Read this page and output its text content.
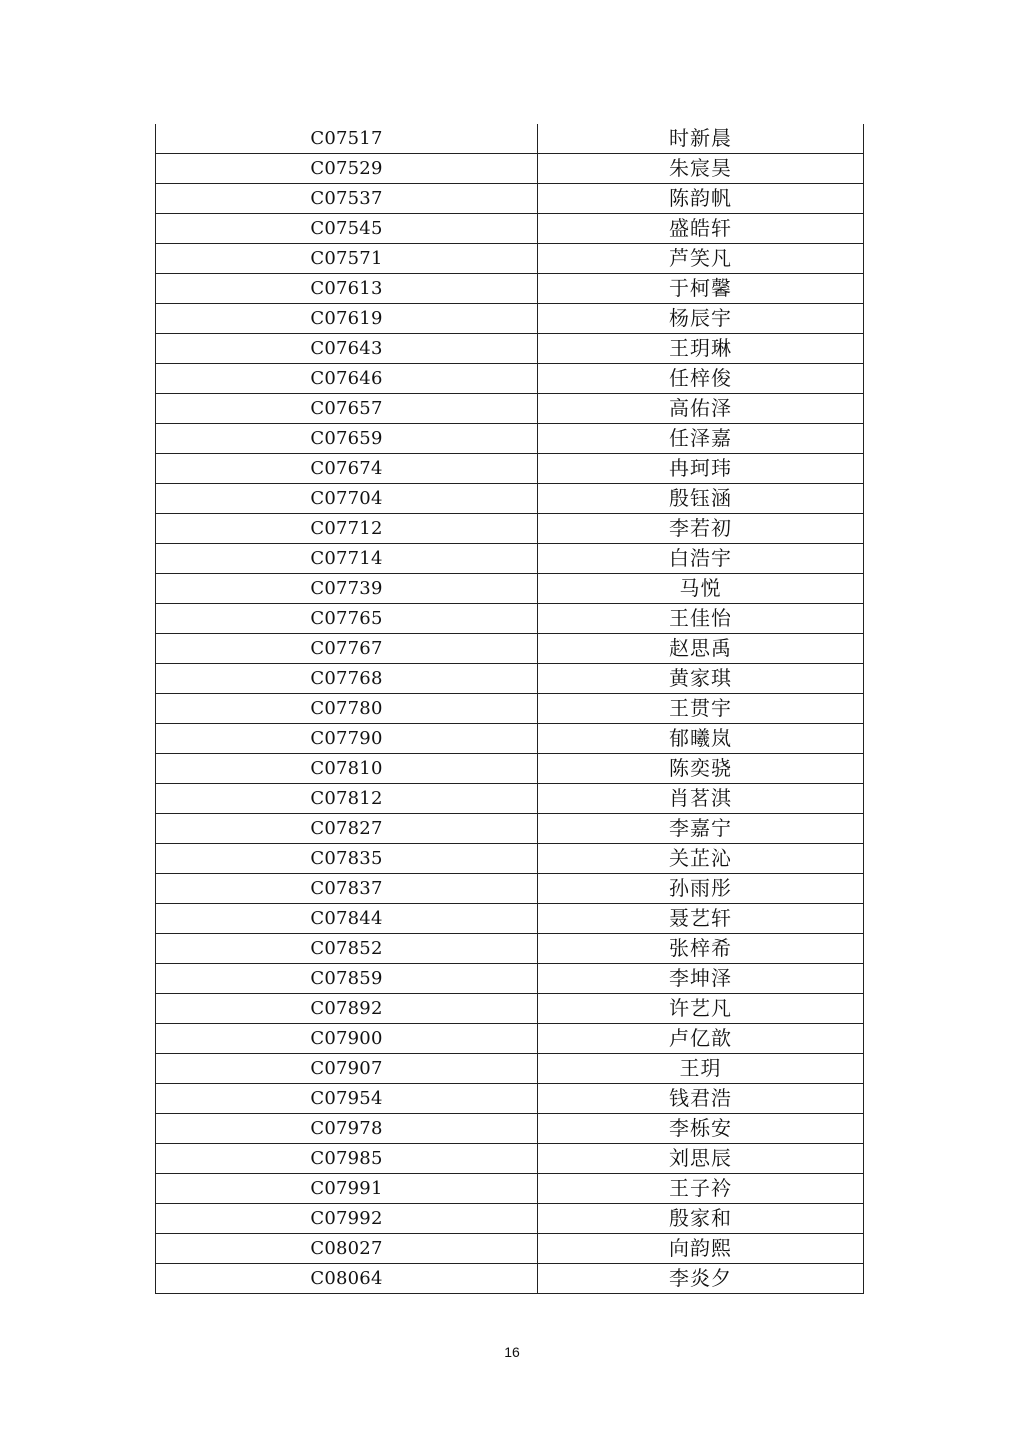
C07517	时新晨
C07529	朱宸昊
C07537	陈韵帆
C07545	盛皓轩
C07571	芦笑凡
C07613	于柯馨
C07619	杨辰宇
C07643	王玥琳
C07646	任梓俊
C07657	高佑泽
C07659	任泽嘉
C07674	冉珂玮
C07704	殷钰涵
C07712	李若初
C07714	白浩宇
C07739	马悦
C07765	王佳怡
C07767	赵思禹
C07768	黄家琪
C07780	王贯宇
C07790	郁曦岚
C07810	陈奕骁
C07812	肖茗淇
C07827	李嘉宁
C07835	关芷沁
C07837	孙雨彤
C07844	聂艺轩
C07852	张梓希
C07859	李坤泽
C07892	许艺凡
C07900	卢亿歆
C07907	王玥
C07954	钱君浩
C07978	李栎安
C07985	刘思辰
C07991	王子衿
C07992	殷家和
C08027	向韵熙
C08064	李炎夕
16
